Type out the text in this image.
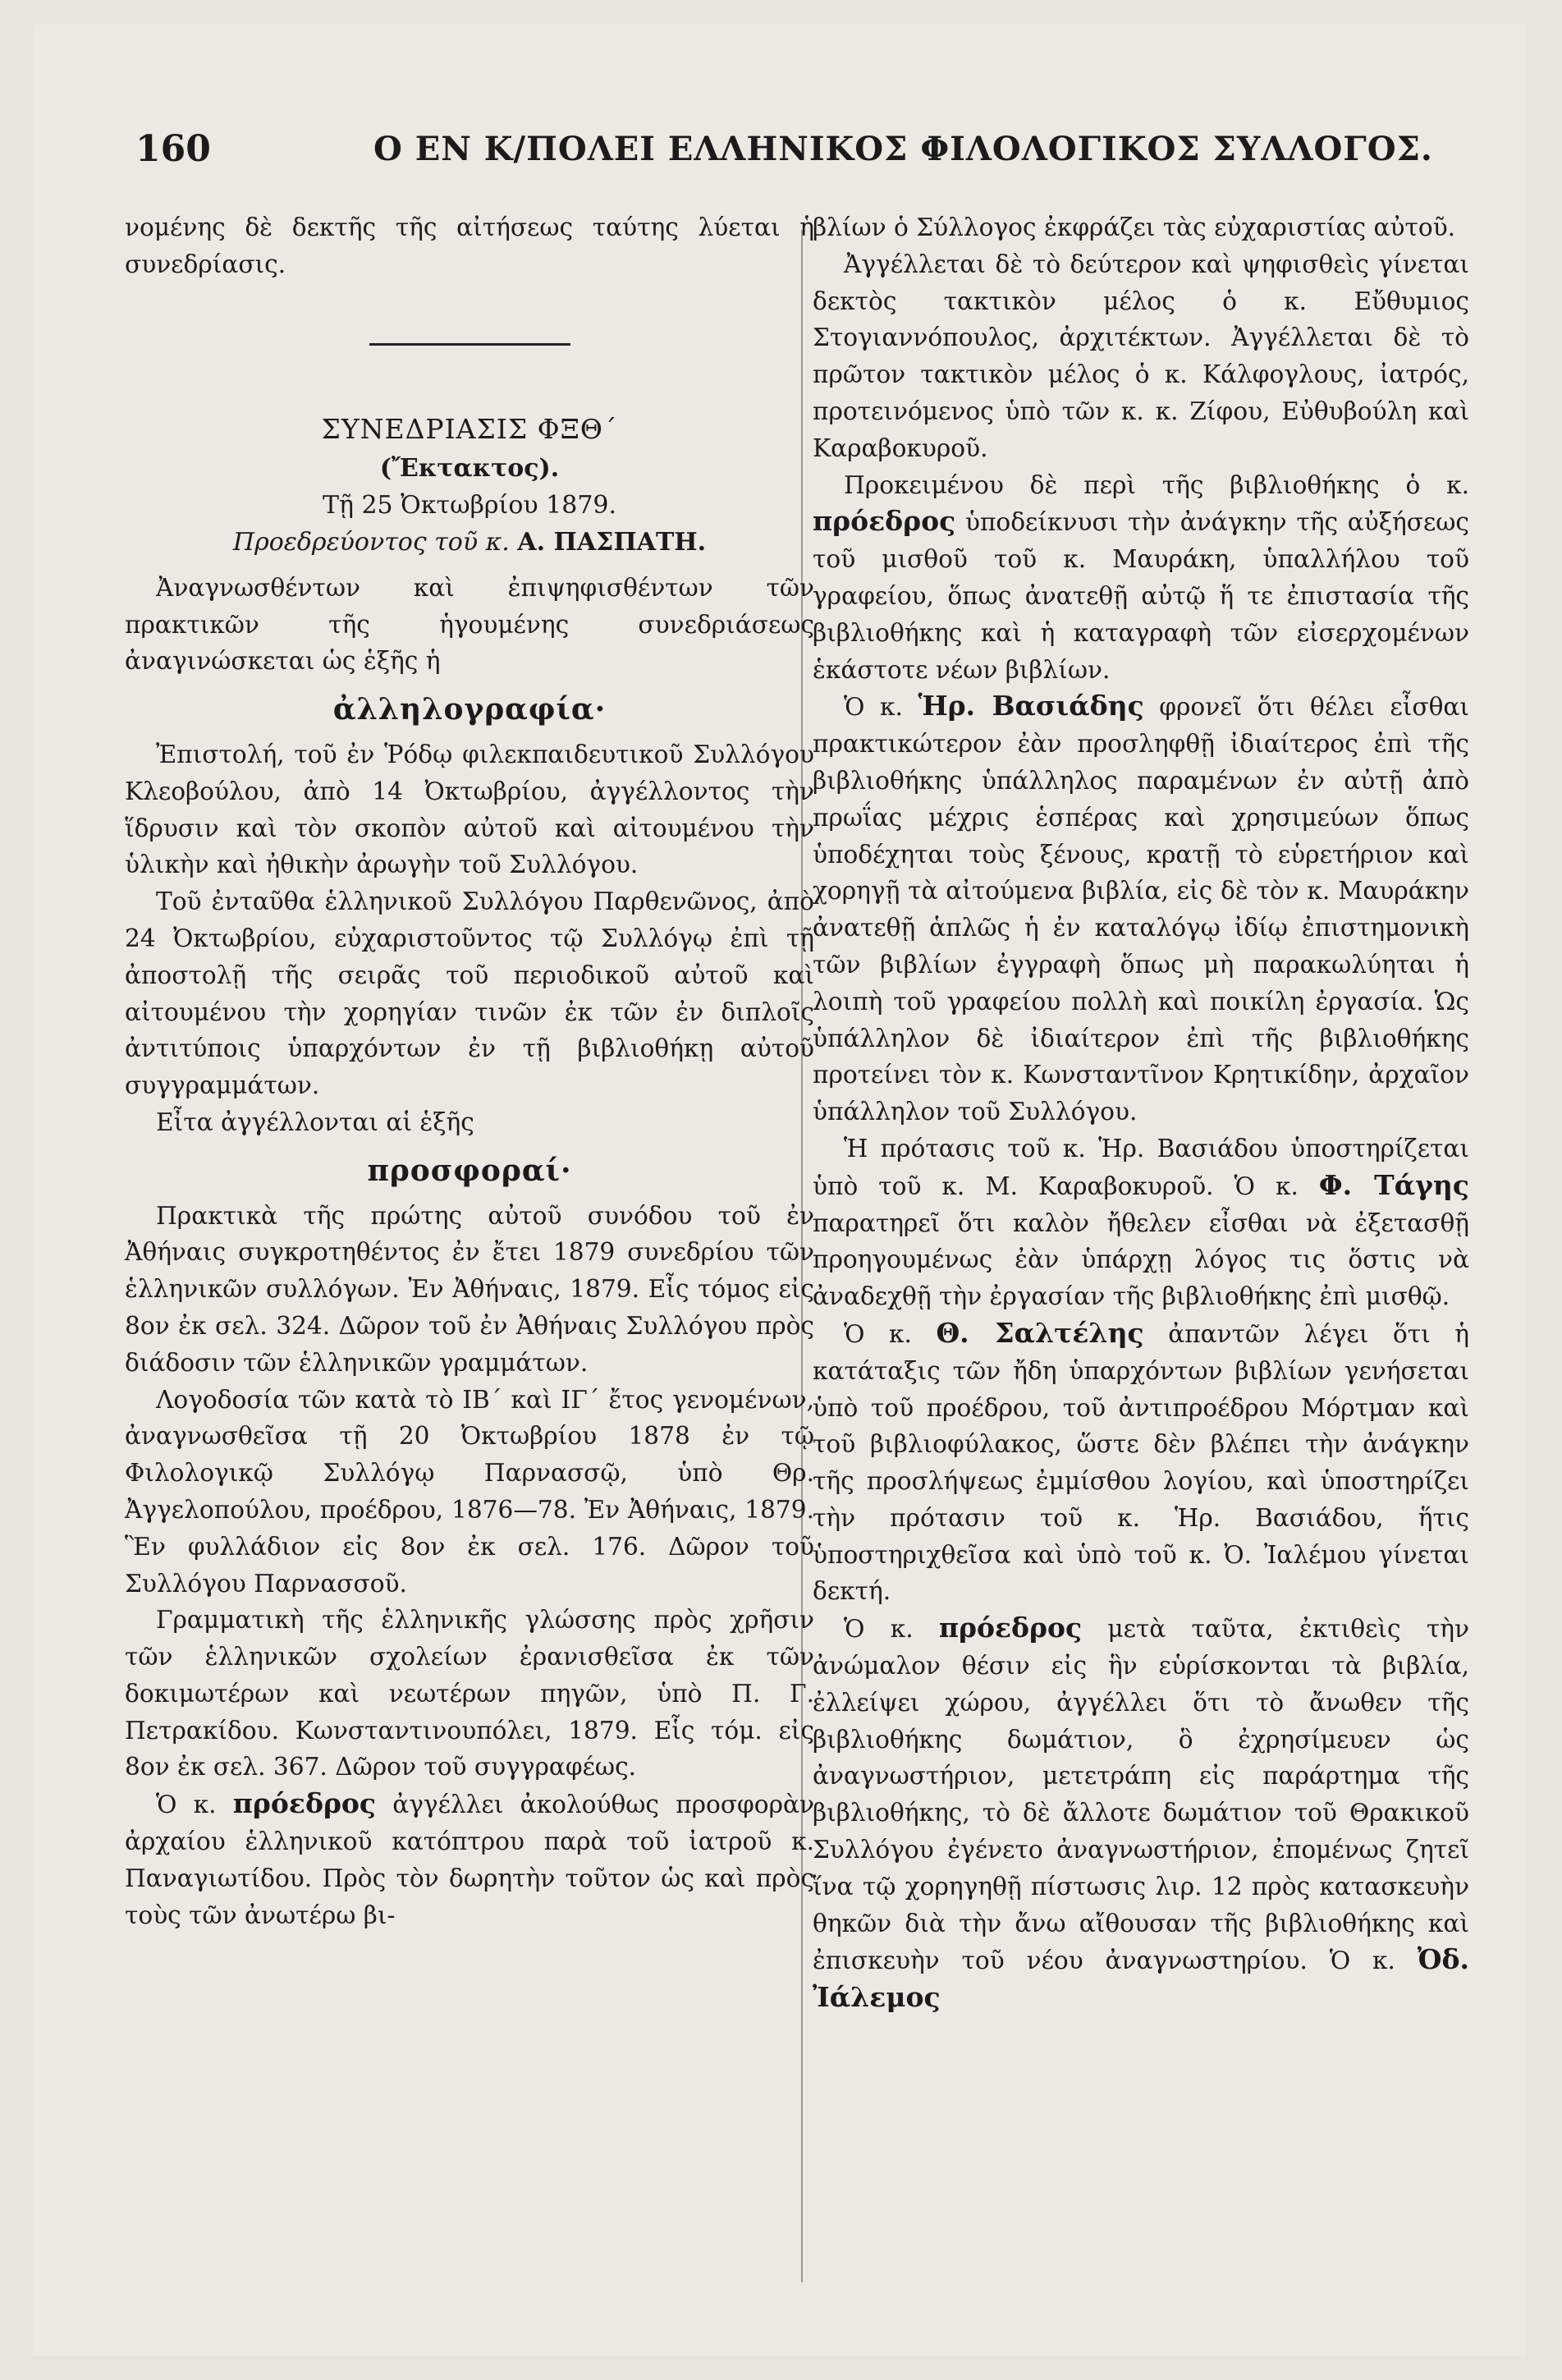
160	Ο ΕΝ Κ/ΠΟΛΕΙ ΕΛΛΗΝΙΚΟΣ ΦΙΛΟΛΟΓΙΚΟΣ ΣΥΛΛΟΓΟΣ.

νομένης δὲ δεκτῆς τῆς αἰτήσεως ταύτης λύεται ἡ συνεδρίασις.

ΣΥΝΕΔΡΙΑΣΙΣ ΦΞΘ΄

(Ἔκτακτος).

Τῇ 25 Ὀκτωβρίου 1879.

Προεδρεύοντος τοῦ κ. Α. ΠΑΣΠΑΤΗ.

Ἀναγνωσθέντων καὶ ἐπιψηφισθέντων τῶν πρακτικῶν τῆς ἡγουμένης συνεδριάσεως ἀναγινώσκεται ὡς ἑξῆς ἡ

ἀλληλογραφία·

Ἐπιστολή, τοῦ ἐν Ῥόδῳ φιλεκπαιδευτικοῦ Συλλόγου Κλεοβούλου, ἀπὸ 14 Ὀκτωβρίου, ἀγγέλλοντος τὴν ἵδρυσιν καὶ τὸν σκοπὸν αὐτοῦ καὶ αἰτουμένου τὴν ὑλικὴν καὶ ἠθικὴν ἀρωγὴν τοῦ Συλλόγου.

Τοῦ ἐνταῦθα ἑλληνικοῦ Συλλόγου Παρθενῶνος, ἀπὸ 24 Ὀκτωβρίου, εὐχαριστοῦντος τῷ Συλλόγῳ ἐπὶ τῇ ἀποστολῇ τῆς σειρᾶς τοῦ περιοδικοῦ αὐτοῦ καὶ αἰτουμένου τὴν χορηγίαν τινῶν ἐκ τῶν ἐν διπλοῖς ἀντιτύποις ὑπαρχόντων ἐν τῇ βιβλιοθήκῃ αὐτοῦ συγγραμμάτων.

Εἶτα ἀγγέλλονται αἱ ἑξῆς

προσφοραί·

Πρακτικὰ τῆς πρώτης αὐτοῦ συνόδου τοῦ ἐν Ἀθήναις συγκροτηθέντος ἐν ἔτει 1879 συνεδρίου τῶν ἑλληνικῶν συλλόγων. Ἐν Ἀθήναις, 1879. Εἷς τόμος εἰς 8ον ἐκ σελ. 324. Δῶρον τοῦ ἐν Ἀθήναις Συλλόγου πρὸς διάδοσιν τῶν ἑλληνικῶν γραμμάτων.

Λογοδοσία τῶν κατὰ τὸ ΙΒ΄ καὶ ΙΓ΄ ἔτος γενομένων, ἀναγνωσθεῖσα τῇ 20 Ὀκτωβρίου 1878 ἐν τῷ Φιλολογικῷ Συλλόγῳ Παρνασσῷ, ὑπὸ Θρ. Ἀγγελοπούλου, προέδρου, 1876—78. Ἐν Ἀθήναις, 1879. Ἓν φυλλάδιον εἰς 8ον ἐκ σελ. 176. Δῶρον τοῦ Συλλόγου Παρνασσοῦ.

Γραμματικὴ τῆς ἑλληνικῆς γλώσσης πρὸς χρῆσιν τῶν ἑλληνικῶν σχολείων ἐρανισθεῖσα ἐκ τῶν δοκιμωτέρων καὶ νεωτέρων πηγῶν, ὑπὸ Π. Γ. Πετρακίδου. Κωνσταντινουπόλει, 1879. Εἷς τόμ. εἰς 8ον ἐκ σελ. 367. Δῶρον τοῦ συγγραφέως.

Ὁ κ. πρόεδρος ἀγγέλλει ἀκολούθως προσφορὰν ἀρχαίου ἑλληνικοῦ κατόπτρου παρὰ τοῦ ἰατροῦ κ. Παναγιωτίδου. Πρὸς τὸν δωρητὴν τοῦτον ὡς καὶ πρὸς τοὺς τῶν ἀνωτέρω βι-

βλίων ὁ Σύλλογος ἐκφράζει τὰς εὐχαριστίας αὐτοῦ.

Ἀγγέλλεται δὲ τὸ δεύτερον καὶ ψηφισθεὶς γίνεται δεκτὸς τακτικὸν μέλος ὁ κ. Εὔθυμιος Στογιαννόπουλος, ἀρχιτέκτων. Ἀγγέλλεται δὲ τὸ πρῶτον τακτικὸν μέλος ὁ κ. Κάλφογλους, ἰατρός, προτεινόμενος ὑπὸ τῶν κ. κ. Ζίφου, Εὐθυβούλη καὶ Καραβοκυροῦ.

Προκειμένου δὲ περὶ τῆς βιβλιοθήκης ὁ κ. πρόεδρος ὑποδείκνυσι τὴν ἀνάγκην τῆς αὐξήσεως τοῦ μισθοῦ τοῦ κ. Μαυράκη, ὑπαλλήλου τοῦ γραφείου, ὅπως ἀνατεθῇ αὐτῷ ἥ τε ἐπιστασία τῆς βιβλιοθήκης καὶ ἡ καταγραφὴ τῶν εἰσερχομένων ἑκάστοτε νέων βιβλίων.

Ὁ κ. Ἡρ. Βασιάδης φρονεῖ ὅτι θέλει εἶσθαι πρακτικώτερον ἐὰν προσληφθῇ ἰδιαίτερος ἐπὶ τῆς βιβλιοθήκης ὑπάλληλος παραμένων ἐν αὐτῇ ἀπὸ πρωΐας μέχρις ἑσπέρας καὶ χρησιμεύων ὅπως ὑποδέχηται τοὺς ξένους, κρατῇ τὸ εὑρετήριον καὶ χορηγῇ τὰ αἰτούμενα βιβλία, εἰς δὲ τὸν κ. Μαυράκην ἀνατεθῇ ἁπλῶς ἡ ἐν καταλόγῳ ἰδίῳ ἐπιστημονικὴ τῶν βιβλίων ἐγγραφὴ ὅπως μὴ παρακωλύηται ἡ λοιπὴ τοῦ γραφείου πολλὴ καὶ ποικίλη ἐργασία. Ὡς ὑπάλληλον δὲ ἰδιαίτερον ἐπὶ τῆς βιβλιοθήκης προτείνει τὸν κ. Κωνσταντῖνον Κρητικίδην, ἀρχαῖον ὑπάλληλον τοῦ Συλλόγου.

Ἡ πρότασις τοῦ κ. Ἡρ. Βασιάδου ὑποστηρίζεται ὑπὸ τοῦ κ. Μ. Καραβοκυροῦ. Ὁ κ. Φ. Τάγης παρατηρεῖ ὅτι καλὸν ἤθελεν εἶσθαι νὰ ἐξετασθῇ προηγουμένως ἐὰν ὑπάρχῃ λόγος τις ὅστις νὰ ἀναδεχθῇ τὴν ἐργασίαν τῆς βιβλιοθήκης ἐπὶ μισθῷ.

Ὁ κ. Θ. Σαλτέλης ἀπαντῶν λέγει ὅτι ἡ κατάταξις τῶν ἤδη ὑπαρχόντων βιβλίων γενήσεται ὑπὸ τοῦ προέδρου, τοῦ ἀντιπροέδρου Μόρτμαν καὶ τοῦ βιβλιοφύλακος, ὥστε δὲν βλέπει τὴν ἀνάγκην τῆς προσλήψεως ἐμμίσθου λογίου, καὶ ὑποστηρίζει τὴν πρότασιν τοῦ κ. Ἡρ. Βασιάδου, ἥτις ὑποστηριχθεῖσα καὶ ὑπὸ τοῦ κ. Ὀ. Ἰαλέμου γίνεται δεκτή.

Ὁ κ. πρόεδρος μετὰ ταῦτα, ἐκτιθεὶς τὴν ἀνώμαλον θέσιν εἰς ἣν εὑρίσκονται τὰ βιβλία, ἐλλείψει χώρου, ἀγγέλλει ὅτι τὸ ἄνωθεν τῆς βιβλιοθήκης δωμάτιον, ὃ ἐχρησίμευεν ὡς ἀναγνωστήριον, μετετράπη εἰς παράρτημα τῆς βιβλιοθήκης, τὸ δὲ ἄλλοτε δωμάτιον τοῦ Θρακικοῦ Συλλόγου ἐγένετο ἀναγνωστήριον, ἐπομένως ζητεῖ ἵνα τῷ χορηγηθῇ πίστωσις λιρ. 12 πρὸς κατασκευὴν θηκῶν διὰ τὴν ἄνω αἴθουσαν τῆς βιβλιοθήκης καὶ ἐπισκευὴν τοῦ νέου ἀναγνωστηρίου. Ὁ κ. Ὀδ. Ἰάλεμος
